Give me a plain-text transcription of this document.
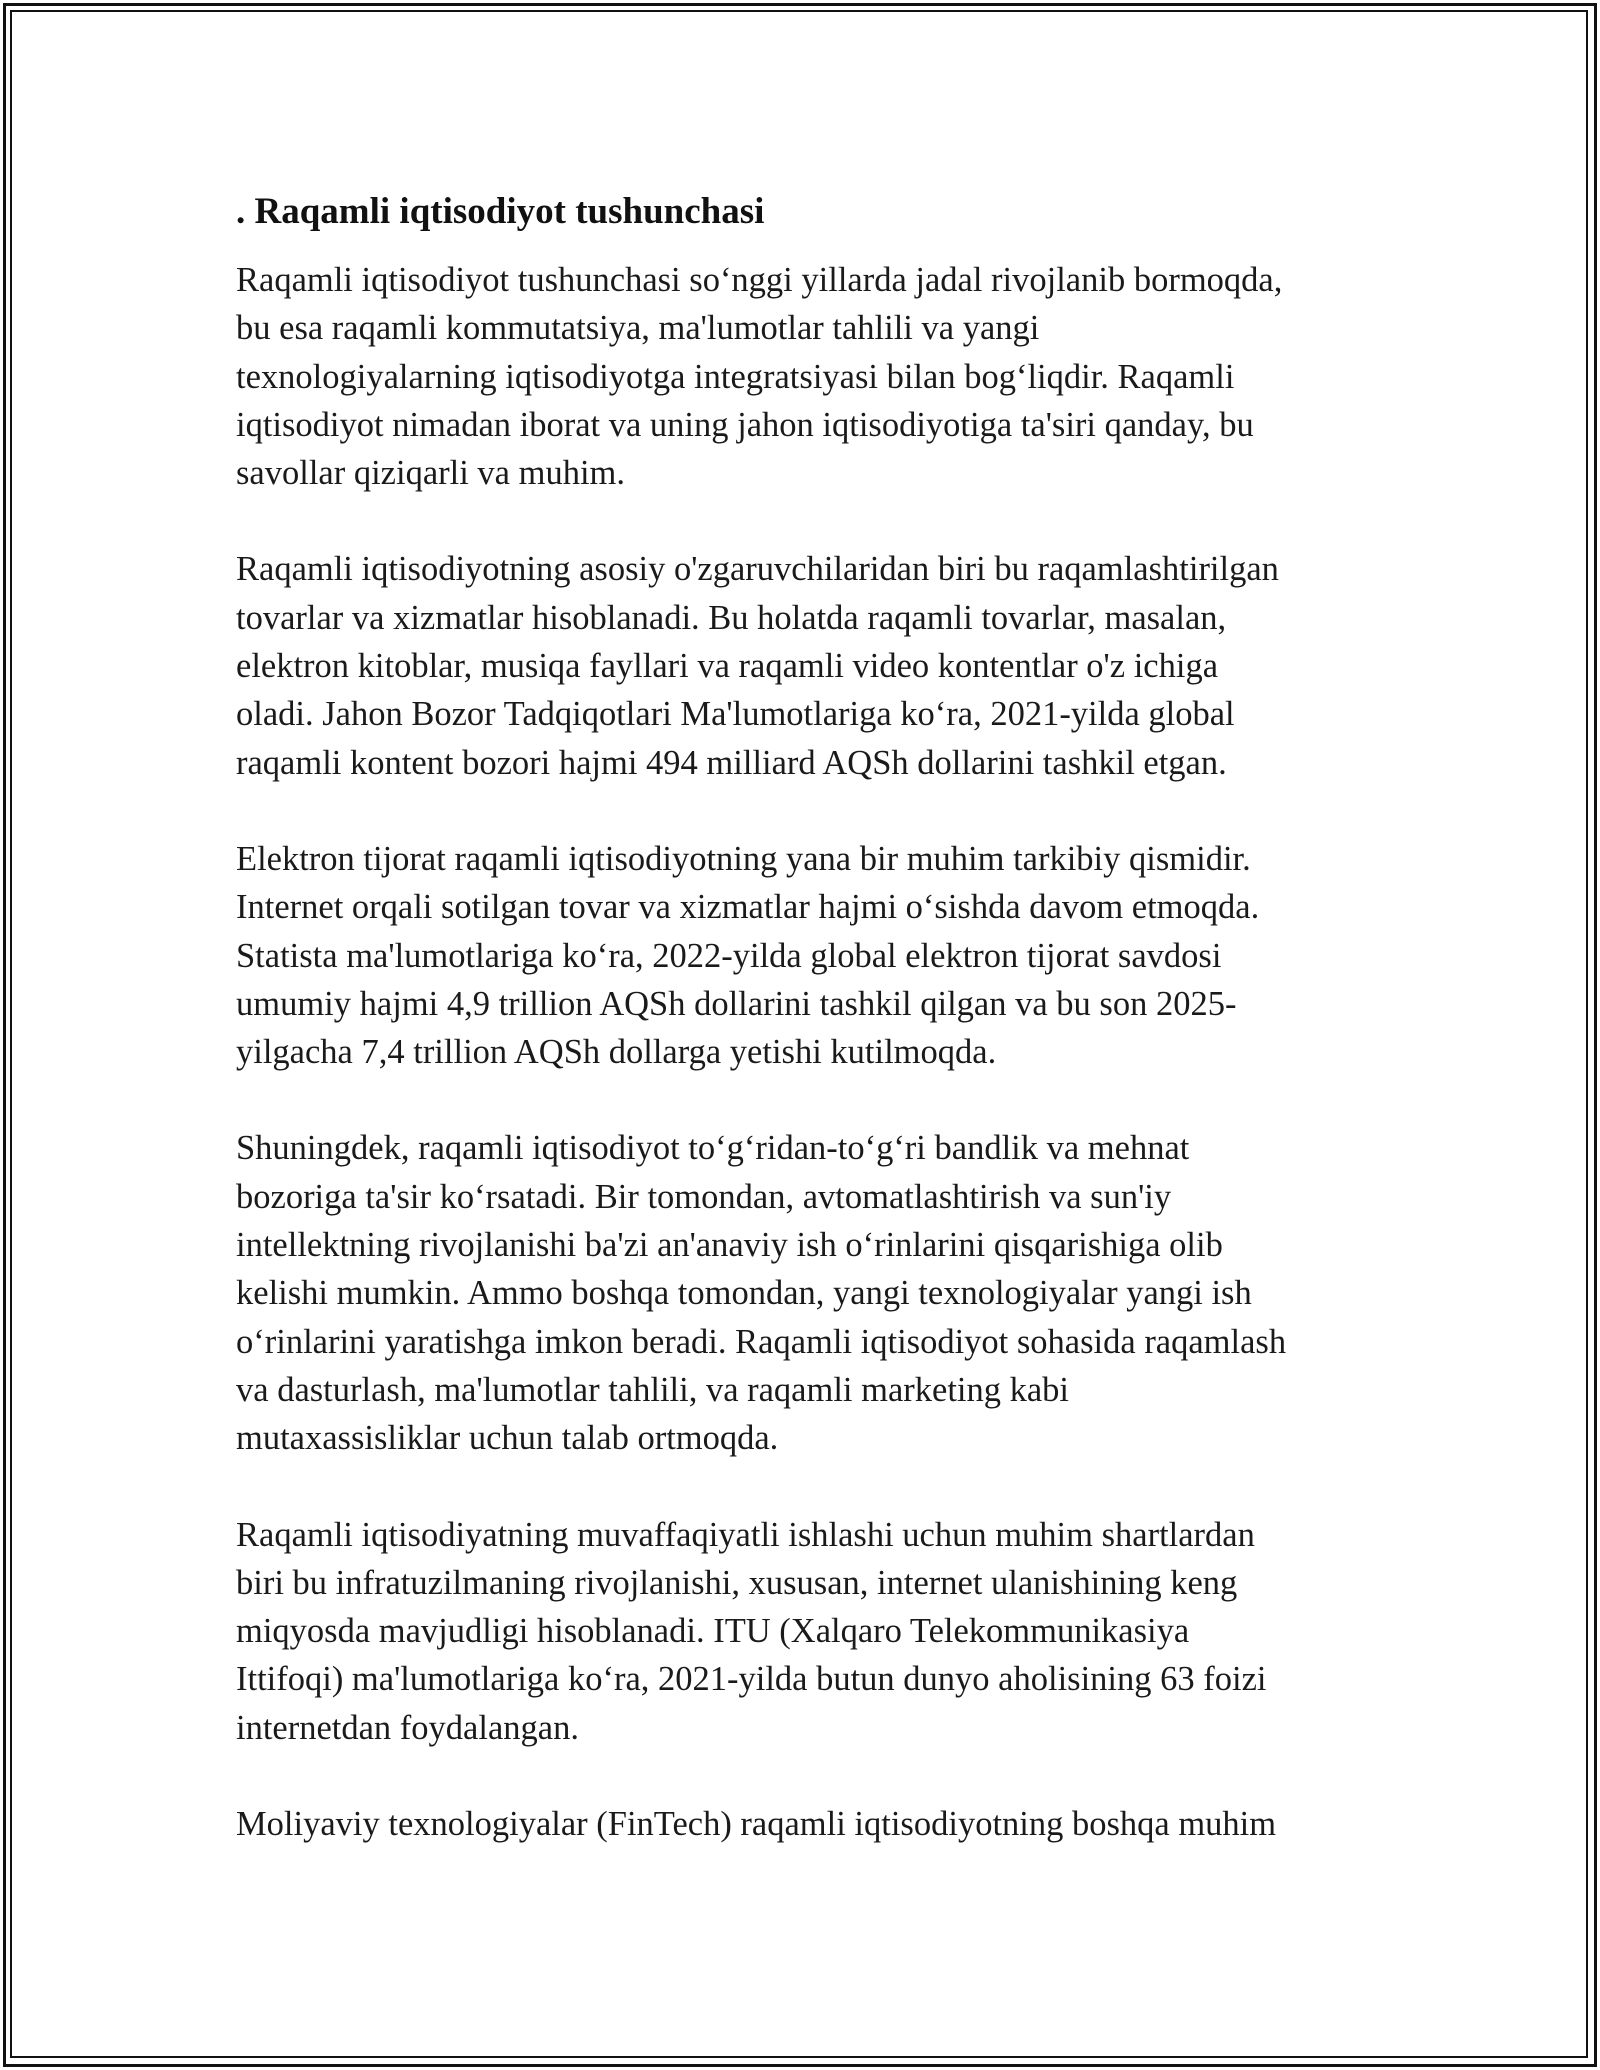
. Raqamli iqtisodiyot tushunchasi
Raqamli iqtisodiyot tushunchasi so‘nggi yillarda jadal rivojlanib bormoqda,
bu esa raqamli kommutatsiya, ma'lumotlar tahlili va yangi
texnologiyalarning iqtisodiyotga integratsiyasi bilan bog‘liqdir. Raqamli
iqtisodiyot nimadan iborat va uning jahon iqtisodiyotiga ta'siri qanday, bu
savollar qiziqarli va muhim.
Raqamli iqtisodiyotning asosiy o'zgaruvchilaridan biri bu raqamlashtirilgan
tovarlar va xizmatlar hisoblanadi. Bu holatda raqamli tovarlar, masalan,
elektron kitoblar, musiqa fayllari va raqamli video kontentlar o'z ichiga
oladi. Jahon Bozor Tadqiqotlari Ma'lumotlariga ko‘ra, 2021-yilda global
raqamli kontent bozori hajmi 494 milliard AQSh dollarini tashkil etgan.
Elektron tijorat raqamli iqtisodiyotning yana bir muhim tarkibiy qismidir.
Internet orqali sotilgan tovar va xizmatlar hajmi o‘sishda davom etmoqda.
Statista ma'lumotlariga ko‘ra, 2022-yilda global elektron tijorat savdosi
umumiy hajmi 4,9 trillion AQSh dollarini tashkil qilgan va bu son 2025-
yilgacha 7,4 trillion AQSh dollarga yetishi kutilmoqda.
Shuningdek, raqamli iqtisodiyot to‘g‘ridan-to‘g‘ri bandlik va mehnat
bozoriga ta'sir ko‘rsatadi. Bir tomondan, avtomatlashtirish va sun'iy
intellektning rivojlanishi ba'zi an'anaviy ish o‘rinlarini qisqarishiga olib
kelishi mumkin. Ammo boshqa tomondan, yangi texnologiyalar yangi ish
o‘rinlarini yaratishga imkon beradi. Raqamli iqtisodiyot sohasida raqamlash
va dasturlash, ma'lumotlar tahlili, va raqamli marketing kabi
mutaxassisliklar uchun talab ortmoqda.
Raqamli iqtisodiyatning muvaffaqiyatli ishlashi uchun muhim shartlardan
biri bu infratuzilmaning rivojlanishi, xususan, internet ulanishining keng
miqyosda mavjudligi hisoblanadi. ITU (Xalqaro Telekommunikasiya
Ittifoqi) ma'lumotlariga ko‘ra, 2021-yilda butun dunyo aholisining 63 foizi
internetdan foydalangan.
Moliyaviy texnologiyalar (FinTech) raqamli iqtisodiyotning boshqa muhim
